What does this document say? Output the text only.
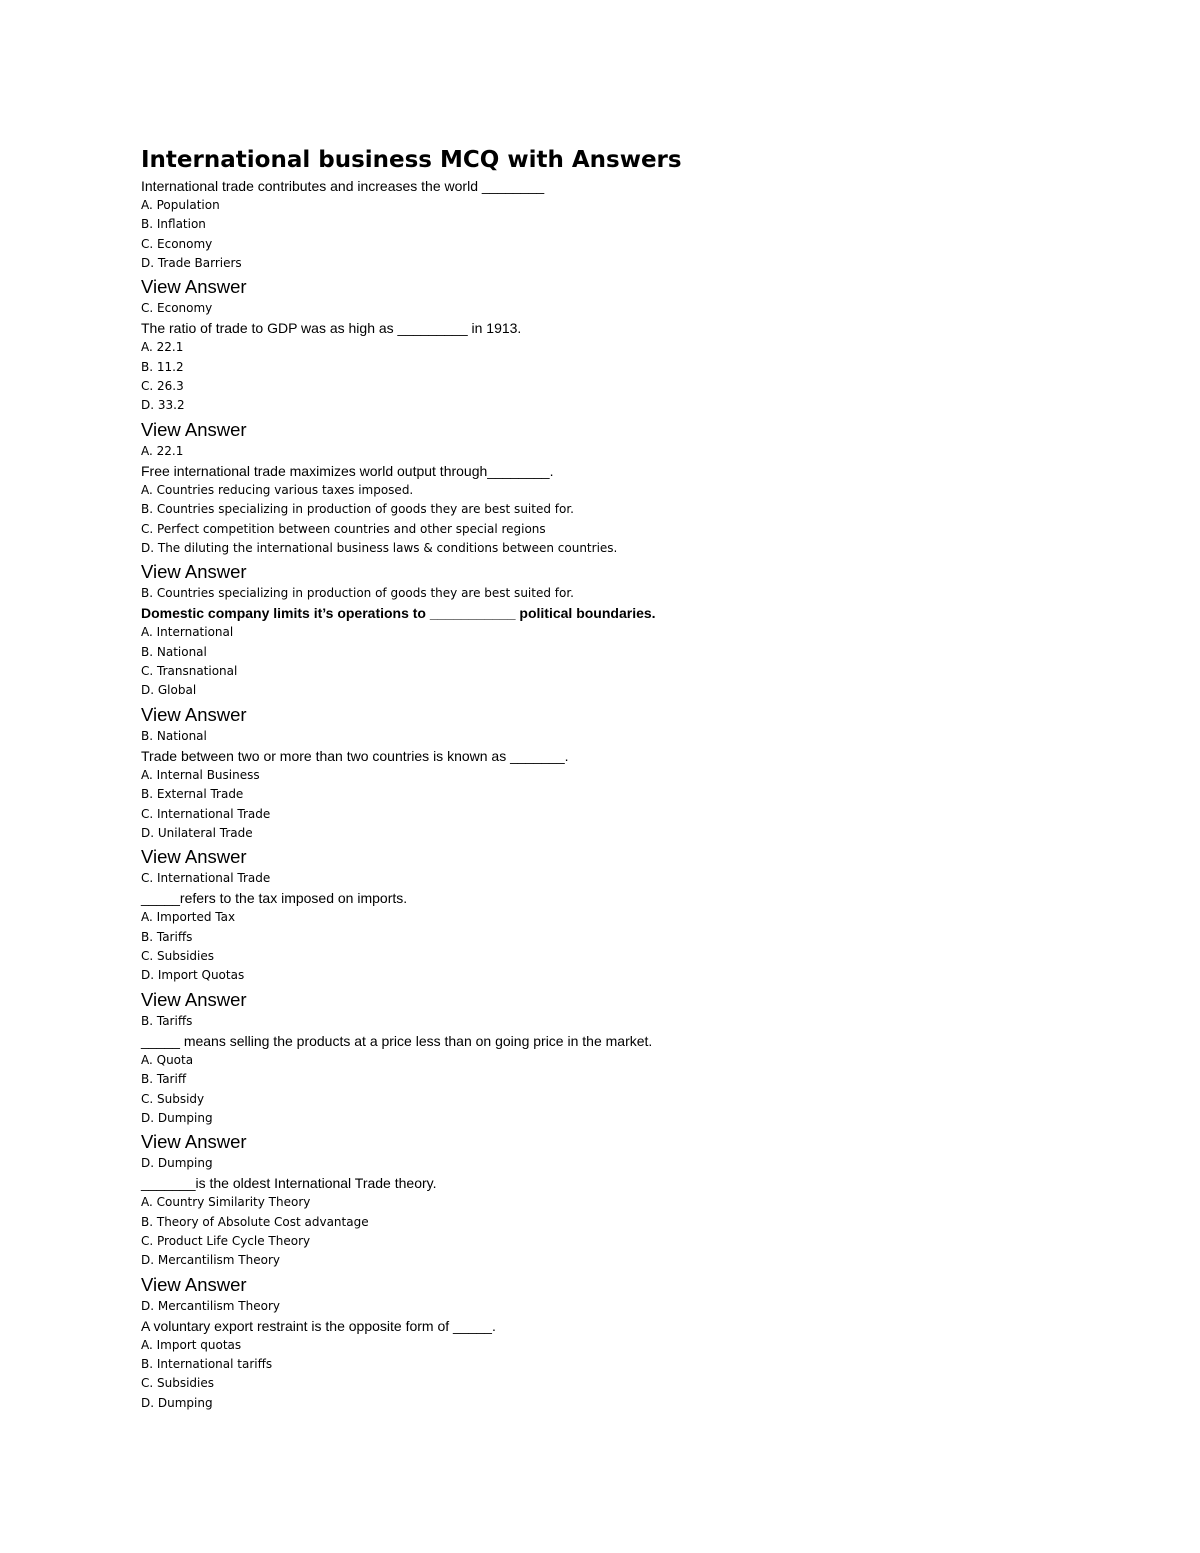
International business MCQ with Answers
International trade contributes and increases the world ________
A. Population
B. Inflation
C. Economy
D. Trade Barriers
View Answer
C. Economy
The ratio of trade to GDP was as high as _________ in 1913.
A. 22.1
B. 11.2
C. 26.3
D. 33.2
View Answer
A. 22.1
Free international trade maximizes world output through________.
A. Countries reducing various taxes imposed.
B. Countries specializing in production of goods they are best suited for.
C. Perfect competition between countries and other special regions
D. The diluting the international business laws & conditions between countries.
View Answer
B. Countries specializing in production of goods they are best suited for.
Domestic company limits it’s operations to ___________ political boundaries.
A. International
B. National
C. Transnational
D. Global
View Answer
B. National
Trade between two or more than two countries is known as _______.
A. Internal Business
B. External Trade
C. International Trade
D. Unilateral Trade
View Answer
C. International Trade
_____refers to the tax imposed on imports.
A. Imported Tax
B. Tariffs
C. Subsidies
D. Import Quotas
View Answer
B. Tariffs
_____ means selling the products at a price less than on going price in the market.
A. Quota
B. Tariff
C. Subsidy
D. Dumping
View Answer
D. Dumping
_______is the oldest International Trade theory.
A. Country Similarity Theory
B. Theory of Absolute Cost advantage
C. Product Life Cycle Theory
D. Mercantilism Theory
View Answer
D. Mercantilism Theory
A voluntary export restraint is the opposite form of _____.
A. Import quotas
B. International tariffs
C. Subsidies
D. Dumping
